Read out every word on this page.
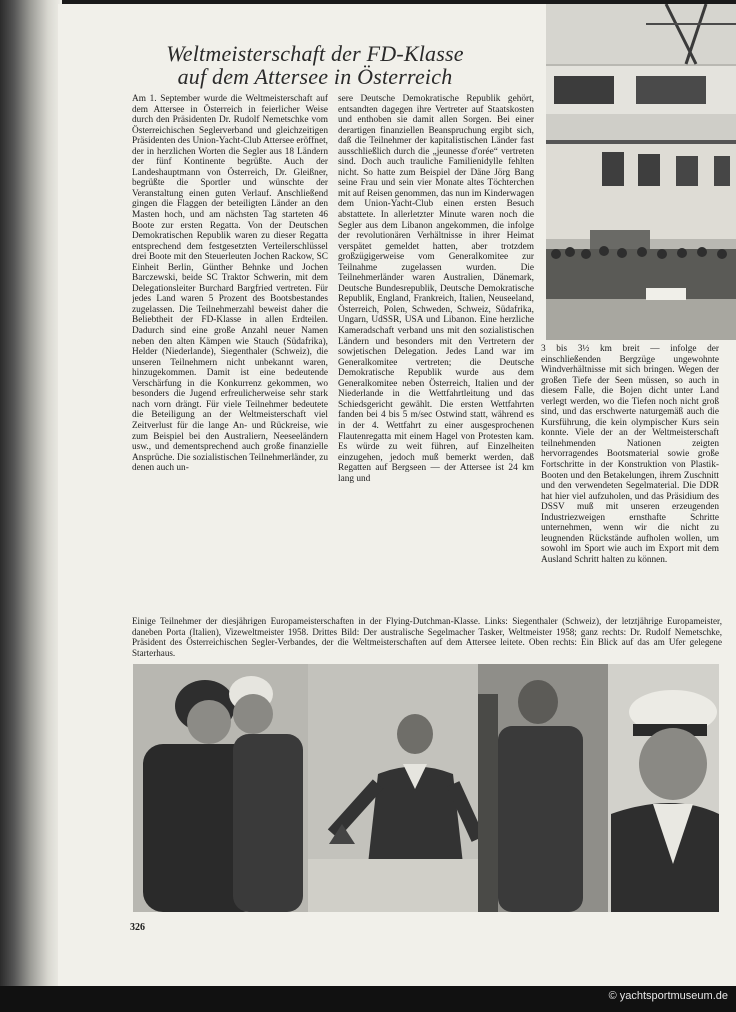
Weltmeisterschaft der FD-Klasse
auf dem Attersee in Österreich

Am 1. September wurde die Weltmeisterschaft auf dem Attersee in Österreich in feierlicher Weise durch den Präsidenten Dr. Rudolf Nemetschke vom Österreichischen Seglerverband und gleichzeitigen Präsidenten des Union-Yacht-Club Attersee eröffnet, der in herzlichen Worten die Segler aus 18 Ländern der fünf Kontinente begrüßte. Auch der Landeshauptmann von Österreich, Dr. Gleißner, begrüßte die Sportler und wünschte der Veranstaltung einen guten Verlauf. Anschließend gingen die Flaggen der beteiligten Länder an den Masten hoch, und am nächsten Tag starteten 46 Boote zur ersten Regatta. Von der Deutschen Demokratischen Republik waren zu dieser Regatta entsprechend dem festgesetzten Verteilerschlüssel drei Boote mit den Steuerleuten Jochen Rackow, SC Einheit Berlin, Günther Behnke und Jochen Barczewski, beide SC Traktor Schwerin, mit dem Delegationsleiter Burchard Bargfried vertreten. Für jedes Land waren 5 Prozent des Bootsbestandes zugelassen. Die Teilnehmerzahl beweist daher die Beliebtheit der FD-Klasse in allen Erdteilen. Dadurch sind eine große Anzahl neuer Namen neben den alten Kämpen wie Stauch (Südafrika), Helder (Niederlande), Siegenthaler (Schweiz), die unseren Teilnehmern nicht unbekannt waren, hinzugekommen. Damit ist eine bedeutende Verschärfung in die Konkurrenz gekommen, wo besonders die Jugend erfreulicherweise sehr stark nach vorn drängt. Für viele Teilnehmer bedeutete die Beteiligung an der Weltmeisterschaft viel Zeitverlust für die lange An- und Rückreise, wie zum Beispiel bei den Australiern, Neeseeländern usw., und dementsprechend auch große finanzielle Ansprüche. Die sozialistischen Teilnehmerländer, zu denen auch un-

sere Deutsche Demokratische Republik gehört, entsandten dagegen ihre Vertreter auf Staatskosten und enthoben sie damit allen Sorgen. Bei einer derartigen finanziellen Beanspruchung ergibt sich, daß die Teilnehmer der kapitalistischen Länder fast ausschließlich durch die „jeunesse d'orée“ vertreten sind. Doch auch trauliche Familienidylle fehlten nicht. So hatte zum Beispiel der Däne Jörg Bang seine Frau und sein vier Monate altes Töchterchen mit auf Reisen genommen, das nun im Kinderwagen dem Union-Yacht-Club einen ersten Besuch abstattete. In allerletzter Minute waren noch die Segler aus dem Libanon angekommen, die infolge der revolutionären Verhältnisse in ihrer Heimat verspätet gemeldet hatten, aber trotzdem großzügigerweise vom Generalkomitee zur Teilnahme zugelassen wurden. Die Teilnehmerländer waren Australien, Dänemark, Deutsche Bundesrepublik, Deutsche Demokratische Republik, England, Frankreich, Italien, Neuseeland, Österreich, Polen, Schweden, Schweiz, Südafrika, Ungarn, UdSSR, USA und Libanon. Eine herzliche Kameradschaft verband uns mit den sozialistischen Ländern und besonders mit den Vertretern der sowjetischen Delegation. Jedes Land war im Generalkomitee vertreten; die Deutsche Demokratische Republik wurde aus dem Generalkomitee neben Österreich, Italien und der Niederlande in die Wettfahrtleitung und das Schiedsgericht gewählt. Die ersten Wettfahrten fanden bei 4 bis 5 m/sec Ostwind statt, während es in der 4. Wettfahrt zu einer ausgesprochenen Flautenregatta mit einem Hagel von Protesten kam. Es würde zu weit führen, auf Einzelheiten einzugehen, jedoch muß bemerkt werden, daß Regatten auf Bergseen — der Attersee ist 24 km lang und

3 bis 3½ km breit — infolge der einschließenden Bergzüge ungewohnte Windverhältnisse mit sich bringen. Wegen der großen Tiefe der Seen müssen, so auch in diesem Falle, die Bojen dicht unter Land verlegt werden, wo die Tiefen noch nicht groß sind, und das erschwerte naturgemäß auch die Kursführung, die kein olympischer Kurs sein konnte. Viele der an der Weltmeisterschaft teilnehmenden Nationen zeigten hervorragendes Bootsmaterial sowie große Fortschritte in der Konstruktion von Plastik-Booten und den Betakelungen, ihrem Zuschnitt und den verwendeten Segelmaterial. Die DDR hat hier viel aufzuholen, und das Präsidium des DSSV muß mit unseren erzeugenden Industriezweigen ernsthafte Schritte unternehmen, wenn wir die nicht zu leugnenden Rückstände aufholen wollen, um sowohl im Sport wie auch im Export mit dem Ausland Schritt halten zu können.

Einige Teilnehmer der diesjährigen Europameisterschaften in der Flying-Dutchman-Klasse. Links: Siegenthaler (Schweiz), der letztjährige Europameister, daneben Porta (Italien), Vizeweltmeister 1958. Drittes Bild: Der australische Segelmacher Tasker, Weltmeister 1958; ganz rechts: Dr. Rudolf Nemetschke, Präsident des Österreichischen Segler-Verbandes, der die Weltmeisterschaften auf dem Attersee leitete. Oben rechts: Ein Blick auf das am Ufer gelegene Starterhaus.
326
© yachtsportmuseum.de
